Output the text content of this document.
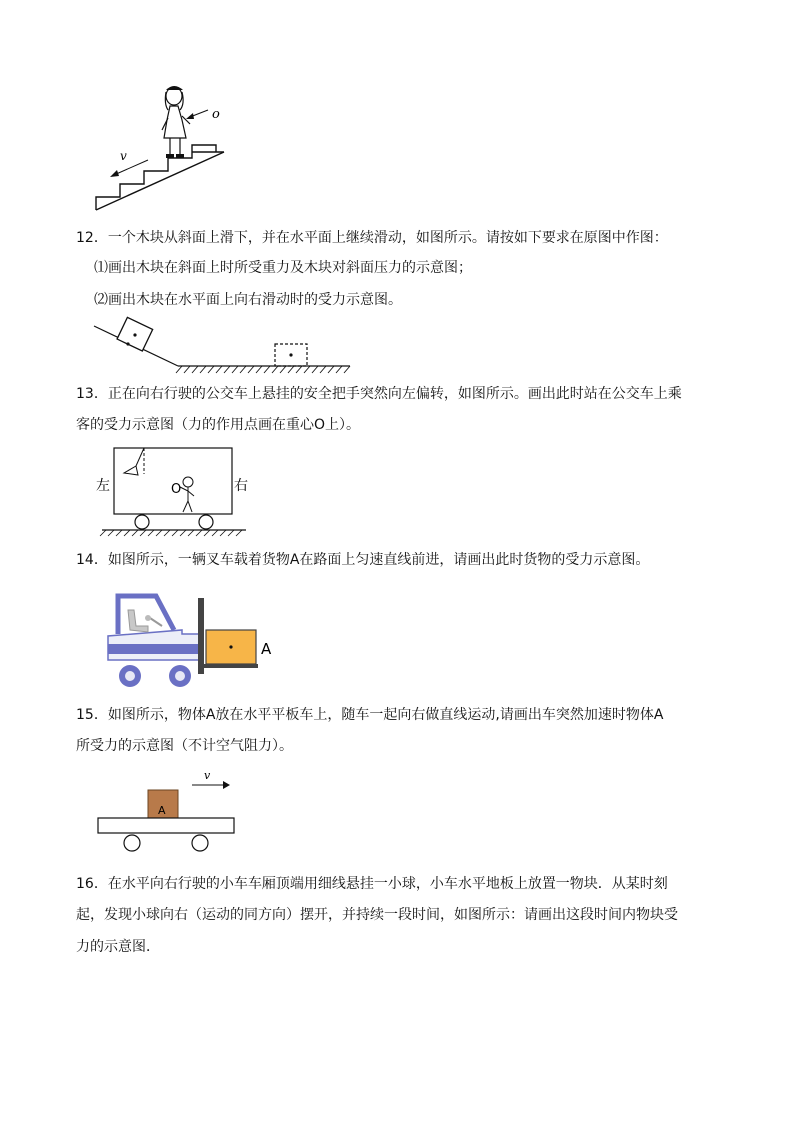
o
v
12．一个木块从斜面上滑下，并在水平面上继续滑动，如图所示。请按如下要求在原图中作图：
⑴画出木块在斜面上时所受重力及木块对斜面压力的示意图；
⑵画出木块在水平面上向右滑动时的受力示意图。
13．正在向右行驶的公交车上悬挂的安全把手突然向左偏转，如图所示。画出此时站在公交车上乘
客的受力示意图（力的作用点画在重心O上）。
左	右
O
14．如图所示，一辆叉车载着货物A在路面上匀速直线前进，请画出此时货物的受力示意图。
A
15．如图所示，物体A放在水平平板车上，随车一起向右做直线运动,请画出车突然加速时物体A
所受力的示意图（不计空气阻力）。
v
A
16．在水平向右行驶的小车车厢顶端用细线悬挂一小球，小车水平地板上放置一物块．从某时刻
起，发现小球向右（运动的同方向）摆开，并持续一段时间，如图所示：请画出这段时间内物块受
力的示意图．
